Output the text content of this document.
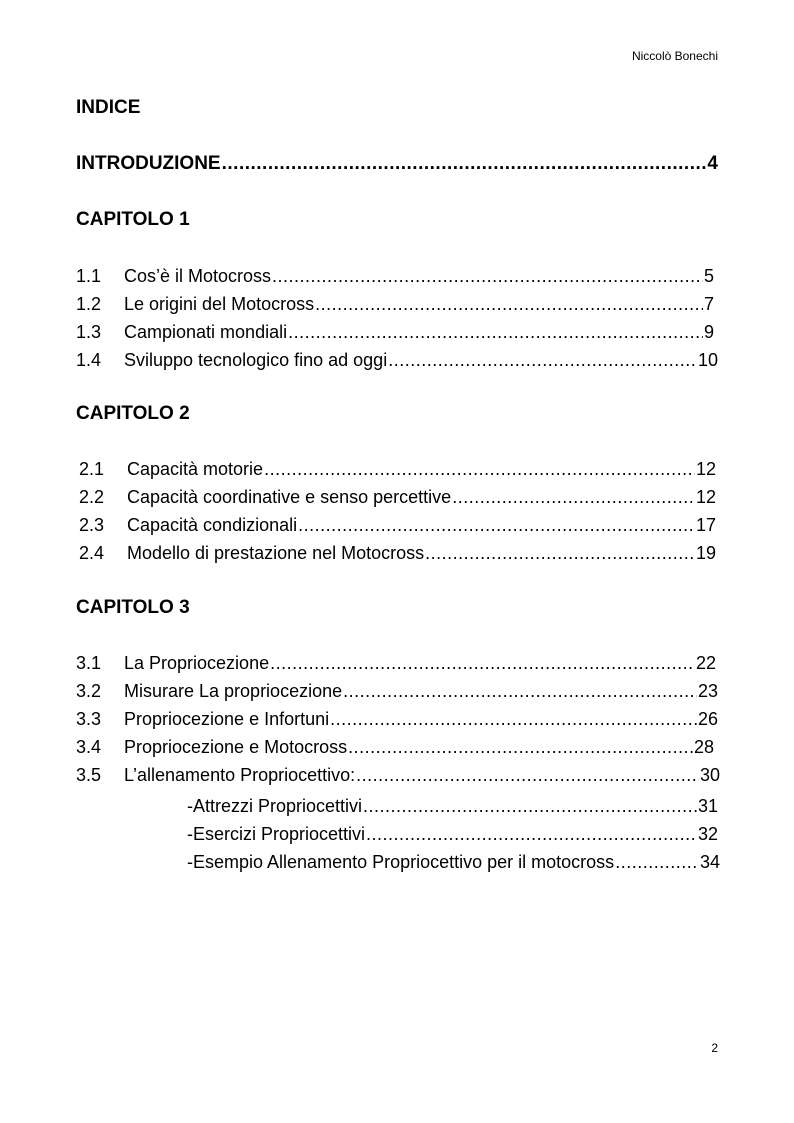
Niccolò Bonechi
INDICE
INTRODUZIONE .....	4
CAPITOLO 1
1.1	Cos’è il Motocross .....	5
1.2	Le origini del Motocross .....	7
1.3	Campionati mondiali .....	9
1.4	Sviluppo tecnologico fino ad oggi .....	10
CAPITOLO 2
2.1	Capacità motorie .....	12
2.2	Capacità coordinative e senso percettive .....	12
2.3	Capacità condizionali .....	17
2.4	Modello di prestazione nel Motocross .....	19
CAPITOLO 3
3.1	La Propriocezione .....	22
3.2	Misurare La propriocezione .....	23
3.3	Propriocezione e Infortuni .....	26
3.4	Propriocezione e Motocross .....	28
3.5	L’allenamento Propriocettivo: .....	30
-Attrezzi Propriocettivi .....	31
-Esercizi Propriocettivi .....	32
-Esempio Allenamento Propriocettivo per il motocross .....	34
2
